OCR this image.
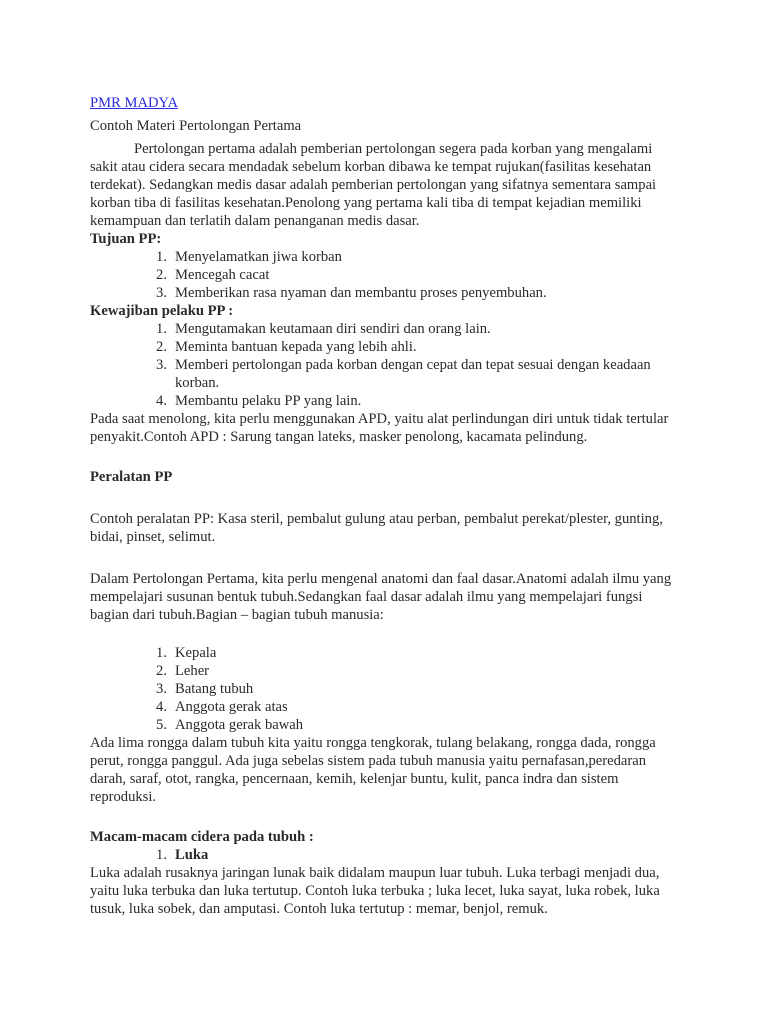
PMR MADYA

Contoh Materi Pertolongan Pertama

Pertolongan pertama adalah pemberian pertolongan segera pada korban yang mengalami sakit atau cidera secara mendadak sebelum korban dibawa ke tempat rujukan(fasilitas kesehatan terdekat). Sedangkan medis dasar adalah pemberian pertolongan yang sifatnya sementara sampai korban tiba di fasilitas kesehatan.Penolong yang pertama kali tiba di tempat kejadian memiliki kemampuan dan terlatih dalam penanganan medis dasar.

Tujuan PP:

1. Menyelamatkan jiwa korban
2. Mencegah cacat
3. Memberikan rasa nyaman dan membantu proses penyembuhan.

Kewajiban pelaku PP :

1. Mengutamakan keutamaan diri sendiri dan orang lain.
2. Meminta bantuan kepada yang lebih ahli.
3. Memberi pertolongan pada korban dengan cepat dan tepat sesuai dengan keadaan korban.
4. Membantu pelaku PP yang lain.

Pada saat menolong, kita perlu menggunakan APD, yaitu alat perlindungan diri untuk tidak tertular penyakit.Contoh APD : Sarung tangan lateks, masker penolong, kacamata pelindung.

Peralatan PP

Contoh peralatan PP: Kasa steril, pembalut gulung atau perban, pembalut perekat/plester, gunting, bidai, pinset, selimut.

Dalam Pertolongan Pertama, kita perlu mengenal anatomi dan faal dasar.Anatomi adalah ilmu yang mempelajari susunan bentuk tubuh.Sedangkan faal dasar adalah ilmu yang mempelajari fungsi bagian dari tubuh.Bagian – bagian tubuh manusia:

1. Kepala
2. Leher
3. Batang tubuh
4. Anggota gerak atas
5. Anggota gerak bawah

Ada lima rongga dalam tubuh kita yaitu rongga tengkorak, tulang belakang, rongga dada, rongga perut, rongga panggul. Ada juga sebelas sistem pada tubuh manusia yaitu pernafasan,peredaran darah, saraf, otot, rangka, pencernaan, kemih, kelenjar buntu, kulit, panca indra dan sistem reproduksi.

Macam-macam cidera pada tubuh :

1. Luka

Luka adalah rusaknya jaringan lunak baik didalam maupun luar tubuh. Luka terbagi menjadi dua, yaitu luka terbuka dan luka tertutup. Contoh luka terbuka ; luka lecet, luka sayat, luka robek, luka tusuk, luka sobek, dan amputasi. Contoh luka tertutup : memar, benjol, remuk.
